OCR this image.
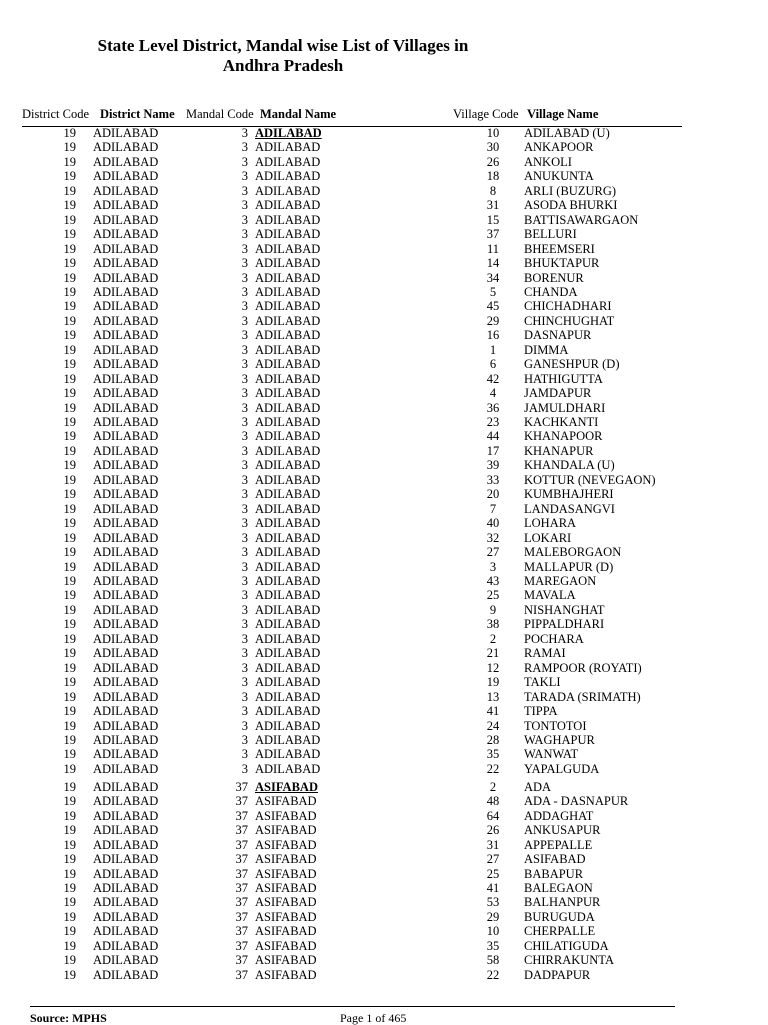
State Level District, Mandal wise List of Villages in
Andhra Pradesh
District Code District Name Mandal Code Mandal Name	Village Code Village Name
19 ADILABAD	3 ADILABAD	10	ADILABAD (U)
19 ADILABAD	3 ADILABAD	30	ANKAPOOR
19 ADILABAD	3 ADILABAD	26	ANKOLI
19 ADILABAD	3 ADILABAD	18	ANUKUNTA
19 ADILABAD	3 ADILABAD	8	ARLI (BUZURG)
19 ADILABAD	3 ADILABAD	31	ASODA BHURKI
19 ADILABAD	3 ADILABAD	15	BATTISAWARGAON
19 ADILABAD	3 ADILABAD	37	BELLURI
19 ADILABAD	3 ADILABAD	11	BHEEMSERI
19 ADILABAD	3 ADILABAD	14	BHUKTAPUR
19 ADILABAD	3 ADILABAD	34	BORENUR
19 ADILABAD	3 ADILABAD	5	CHANDA
19 ADILABAD	3 ADILABAD	45	CHICHADHARI
19 ADILABAD	3 ADILABAD	29	CHINCHUGHAT
19 ADILABAD	3 ADILABAD	16	DASNAPUR
19 ADILABAD	3 ADILABAD	1	DIMMA
19 ADILABAD	3 ADILABAD	6	GANESHPUR (D)
19 ADILABAD	3 ADILABAD	42	HATHIGUTTA
19 ADILABAD	3 ADILABAD	4	JAMDAPUR
19 ADILABAD	3 ADILABAD	36	JAMULDHARI
19 ADILABAD	3 ADILABAD	23	KACHKANTI
19 ADILABAD	3 ADILABAD	44	KHANAPOOR
19 ADILABAD	3 ADILABAD	17	KHANAPUR
19 ADILABAD	3 ADILABAD	39	KHANDALA (U)
19 ADILABAD	3 ADILABAD	33	KOTTUR (NEVEGAON)
19 ADILABAD	3 ADILABAD	20	KUMBHAJHERI
19 ADILABAD	3 ADILABAD	7	LANDASANGVI
19 ADILABAD	3 ADILABAD	40	LOHARA
19 ADILABAD	3 ADILABAD	32	LOKARI
19 ADILABAD	3 ADILABAD	27	MALEBORGAON
19 ADILABAD	3 ADILABAD	3	MALLAPUR (D)
19 ADILABAD	3 ADILABAD	43	MAREGAON
19 ADILABAD	3 ADILABAD	25	MAVALA
19 ADILABAD	3 ADILABAD	9	NISHANGHAT
19 ADILABAD	3 ADILABAD	38	PIPPALDHARI
19 ADILABAD	3 ADILABAD	2	POCHARA
19 ADILABAD	3 ADILABAD	21	RAMAI
19 ADILABAD	3 ADILABAD	12	RAMPOOR (ROYATI)
19 ADILABAD	3 ADILABAD	19	TAKLI
19 ADILABAD	3 ADILABAD	13	TARADA (SRIMATH)
19 ADILABAD	3 ADILABAD	41	TIPPA
19 ADILABAD	3 ADILABAD	24	TONTOTOI
19 ADILABAD	3 ADILABAD	28	WAGHAPUR
19 ADILABAD	3 ADILABAD	35	WANWAT
19 ADILABAD	3 ADILABAD	22	YAPALGUDA
19 ADILABAD	37 ASIFABAD	2	ADA
19 ADILABAD	37 ASIFABAD	48	ADA - DASNAPUR
19 ADILABAD	37 ASIFABAD	64	ADDAGHAT
19 ADILABAD	37 ASIFABAD	26	ANKUSAPUR
19 ADILABAD	37 ASIFABAD	31	APPEPALLE
19 ADILABAD	37 ASIFABAD	27	ASIFABAD
19 ADILABAD	37 ASIFABAD	25	BABAPUR
19 ADILABAD	37 ASIFABAD	41	BALEGAON
19 ADILABAD	37 ASIFABAD	53	BALHANPUR
19 ADILABAD	37 ASIFABAD	29	BURUGUDA
19 ADILABAD	37 ASIFABAD	10	CHERPALLE
19 ADILABAD	37 ASIFABAD	35	CHILATIGUDA
19 ADILABAD	37 ASIFABAD	58	CHIRRAKUNTA
19 ADILABAD	37 ASIFABAD	22	DADPAPUR
Source: MPHS	Page 1 of 465
